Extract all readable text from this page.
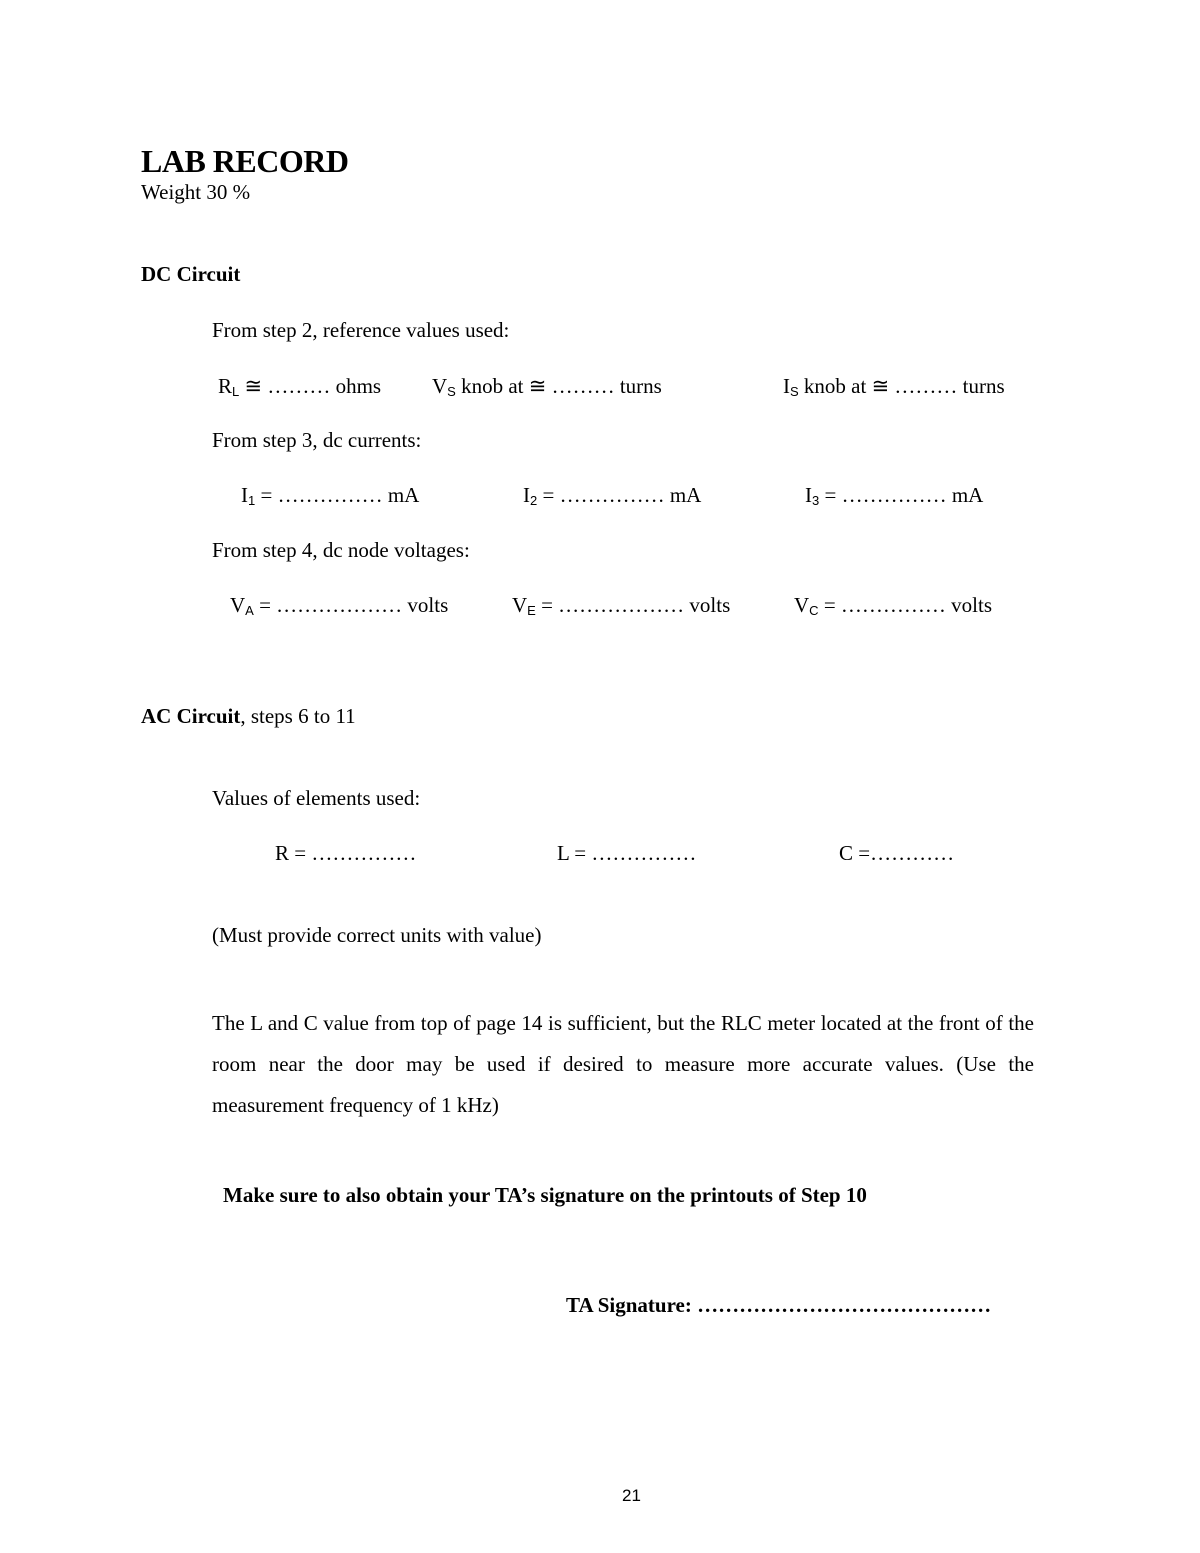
LAB RECORD
Weight 30 %
DC Circuit
From step 2, reference values used:
$R_L$ ≅ ……… ohms $V_S$ knob at ≅ ……… turns	$I_S$ knob at ≅ ……… turns
From step 3, dc currents:
$I_1$ = …………… mA	$I_2$ = …………… mA	$I_3$ = …………… mA
From step 4, dc node voltages:
$V_A$ = ……………… volts	$V_E$ = ……………… volts	$V_C$ = …………… volts
AC Circuit, steps 6 to 11
Values of elements used:
R = ……………	L = ……………	C =…………
(Must provide correct units with value)
The L and C value from top of page 14 is sufficient, but the RLC meter located at the front of the room near the door may be used if desired to measure more accurate values. (Use the measurement frequency of 1 kHz)
Make sure to also obtain your TA’s signature on the printouts of Step 10
TA Signature: ……………………………………
21
